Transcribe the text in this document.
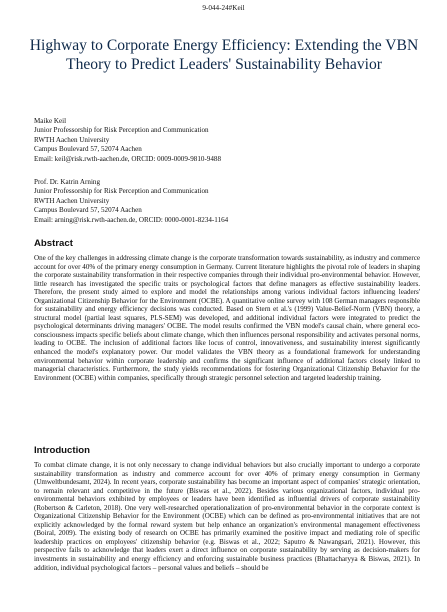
9-044-24#Keil
Highway to Corporate Energy Efficiency: Extending the VBN Theory to Predict Leaders' Sustainability Behavior
Maike Keil
Junior Professorship for Risk Perception and Communication
RWTH Aachen University
Campus Boulevard 57, 52074 Aachen
Email: keil@risk.rwth-aachen.de, ORCID: 0009-0009-9810-9488
Prof. Dr. Katrin Arning
Junior Professorship for Risk Perception and Communication
RWTH Aachen University
Campus Boulevard 57, 52074 Aachen
Email: arning@risk.rwth-aachen.de, ORCID: 0000-0001-8234-1164
Abstract

One of the key challenges in addressing climate change is the corporate transformation towards sustainability, as industry and commerce account for over 40% of the primary energy consumption in Germany. Current literature highlights the pivotal role of leaders in shaping the corporate sustainability transformation in their respective companies through their individual pro-environmental behavior. However, little research has investigated the specific traits or psychological factors that define managers as effective sustainability leaders. Therefore, the present study aimed to explore and model the relationships among various individual factors influencing leaders' Organizational Citizenship Behavior for the Environment (OCBE). A quantitative online survey with 108 German managers responsible for sustainability and energy efficiency decisions was conducted. Based on Stern et al.'s (1999) Value-Belief-Norm (VBN) theory, a structural model (partial least squares, PLS-SEM) was developed, and additional individual factors were integrated to predict the psychological determinants driving managers' OCBE. The model results confirmed the VBN model's causal chain, where general eco-consciousness impacts specific beliefs about climate change, which then influences personal responsibility and activates personal norms, leading to OCBE. The inclusion of additional factors like locus of control, innovativeness, and sustainability interest significantly enhanced the model's explanatory power. Our model validates the VBN theory as a foundational framework for understanding environmental behavior within corporate leadership and confirms the significant influence of additional factors closely linked to managerial characteristics. Furthermore, the study yields recommendations for fostering Organizational Citizenship Behavior for the Environment (OCBE) within companies, specifically through strategic personnel selection and targeted leadership training.

Introduction

To combat climate change, it is not only necessary to change individual behaviors but also crucially important to undergo a corporate sustainability transformation as industry and commerce account for over 40% of primary energy consumption in Germany (Umweltbundesamt, 2024). In recent years, corporate sustainability has become an important aspect of companies' strategic orientation, to remain relevant and competitive in the future (Biswas et al., 2022). Besides various organizational factors, individual pro-environmental behaviors exhibited by employees or leaders have been identified as influential drivers of corporate sustainability (Robertson & Carleton, 2018). One very well-researched operationalization of pro-environmental behavior in the corporate context is Organizational Citizenship Behavior for the Environment (OCBE) which can be defined as pro-environmental initiatives that are not explicitly acknowledged by the formal reward system but help enhance an organization's environmental management effectiveness (Boiral, 2009). The existing body of research on OCBE has primarily examined the positive impact and mediating role of specific leadership practices on employees' citizenship behavior (e.g. Biswas et al., 2022; Saputro & Nawangsari, 2021). However, this perspective fails to acknowledge that leaders exert a direct influence on corporate sustainability by serving as decision-makers for investments in sustainability and energy efficiency and enforcing sustainable business practices (Bhattacharyya & Biswas, 2021). In addition, individual psychological factors – personal values and beliefs – should be
